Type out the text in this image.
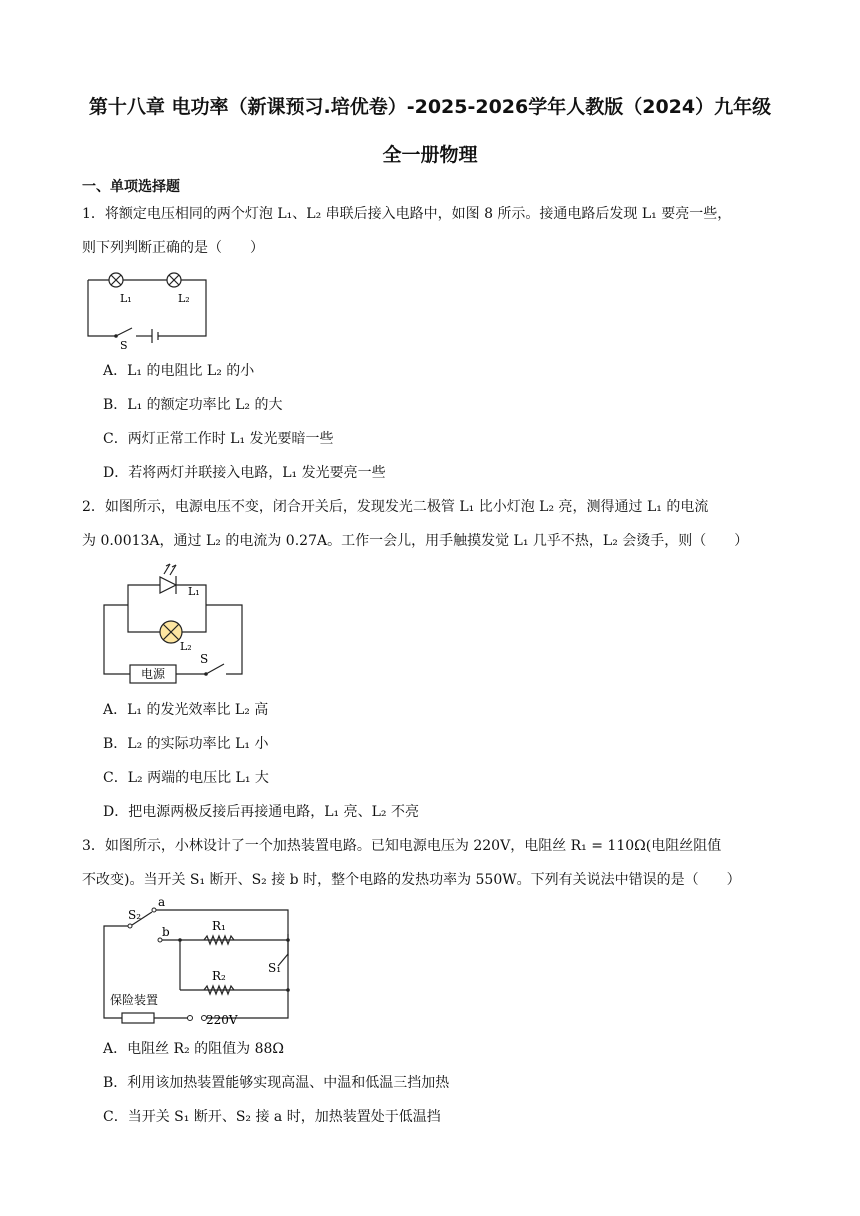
第十八章 电功率（新课预习.培优卷）-2025-2026学年人教版（2024）九年级
全一册物理
一、单项选择题
1．将额定电压相同的两个灯泡 L₁、L₂ 串联后接入电路中，如图 8 所示。接通电路后发现 L₁ 要亮一些，
则下列判断正确的是（　　）
L₁	L₂
S
A．L₁ 的电阻比 L₂ 的小
B．L₁ 的额定功率比 L₂ 的大
C．两灯正常工作时 L₁ 发光要暗一些
D．若将两灯并联接入电路，L₁ 发光要亮一些
2．如图所示，电源电压不变，闭合开关后，发现发光二极管 L₁ 比小灯泡 L₂ 亮，测得通过 L₁ 的电流
为 0.0013A，通过 L₂ 的电流为 0.27A。工作一会儿，用手触摸发觉 L₁ 几乎不热，L₂ 会烫手，则（　　）
电源
L₁
L₂
S
A．L₁ 的发光效率比 L₂ 高
B．L₂ 的实际功率比 L₁ 小
C．L₂ 两端的电压比 L₁ 大
D．把电源两极反接后再接通电路，L₁ 亮、L₂ 不亮
3．如图所示，小林设计了一个加热装置电路。已知电源电压为 220V，电阻丝 R₁ = 110Ω(电阻丝阻值
不改变)。当开关 S₁ 断开、S₂ 接 b 时，整个电路的发热功率为 550W。下列有关说法中错误的是（　　）
S₂
a
b	R₁
R₂
S₁
保险装置
220V
A．电阻丝 R₂ 的阻值为 88Ω
B．利用该加热装置能够实现高温、中温和低温三挡加热
C．当开关 S₁ 断开、S₂ 接 a 时，加热装置处于低温挡
